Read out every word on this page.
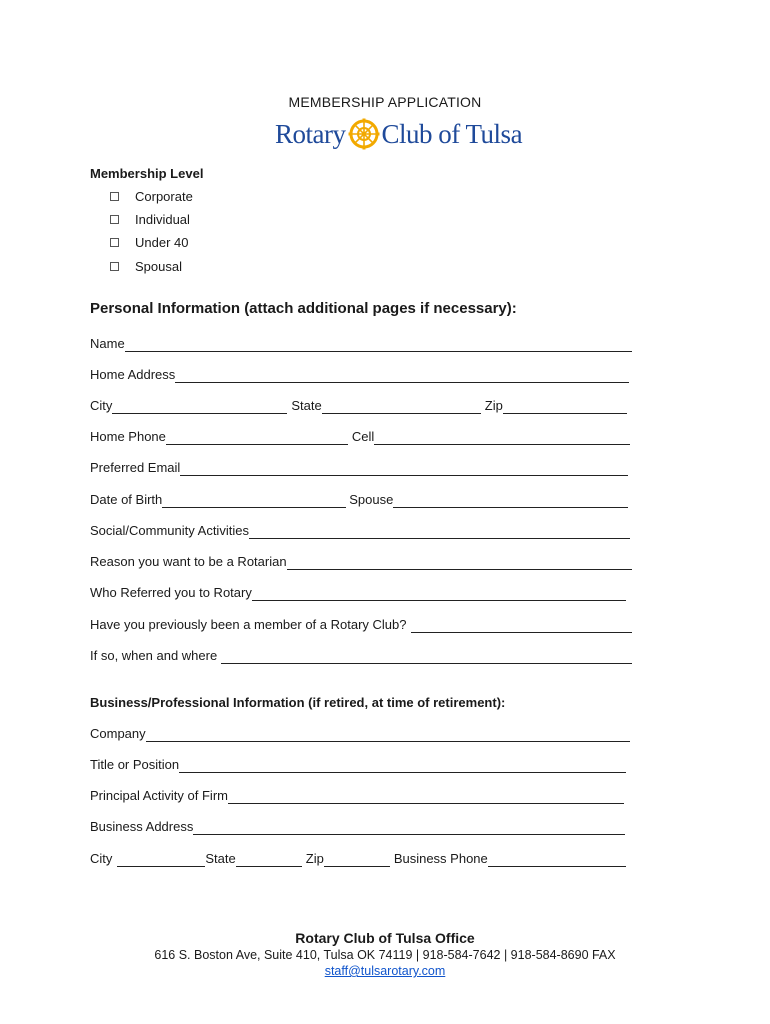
MEMBERSHIP APPLICATION
Rotary Club of Tulsa
Membership Level
Corporate
Individual
Under 40
Spousal
Personal Information (attach additional pages if necessary):
Name
Home Address
City	State	Zip
Home Phone	Cell
Preferred Email
Date of Birth	Spouse
Social/Community Activities
Reason you want to be a Rotarian
Who Referred you to Rotary
Have you previously been a member of a Rotary Club?
If so, when and where
Business/Professional Information (if retired, at time of retirement):
Company
Title or Position
Principal Activity of Firm
Business Address
City	State	Zip	Business Phone
Rotary Club of Tulsa Office
616 S. Boston Ave, Suite 410, Tulsa OK 74119 | 918-584-7642 | 918-584-8690 FAX
staff@tulsarotary.com
